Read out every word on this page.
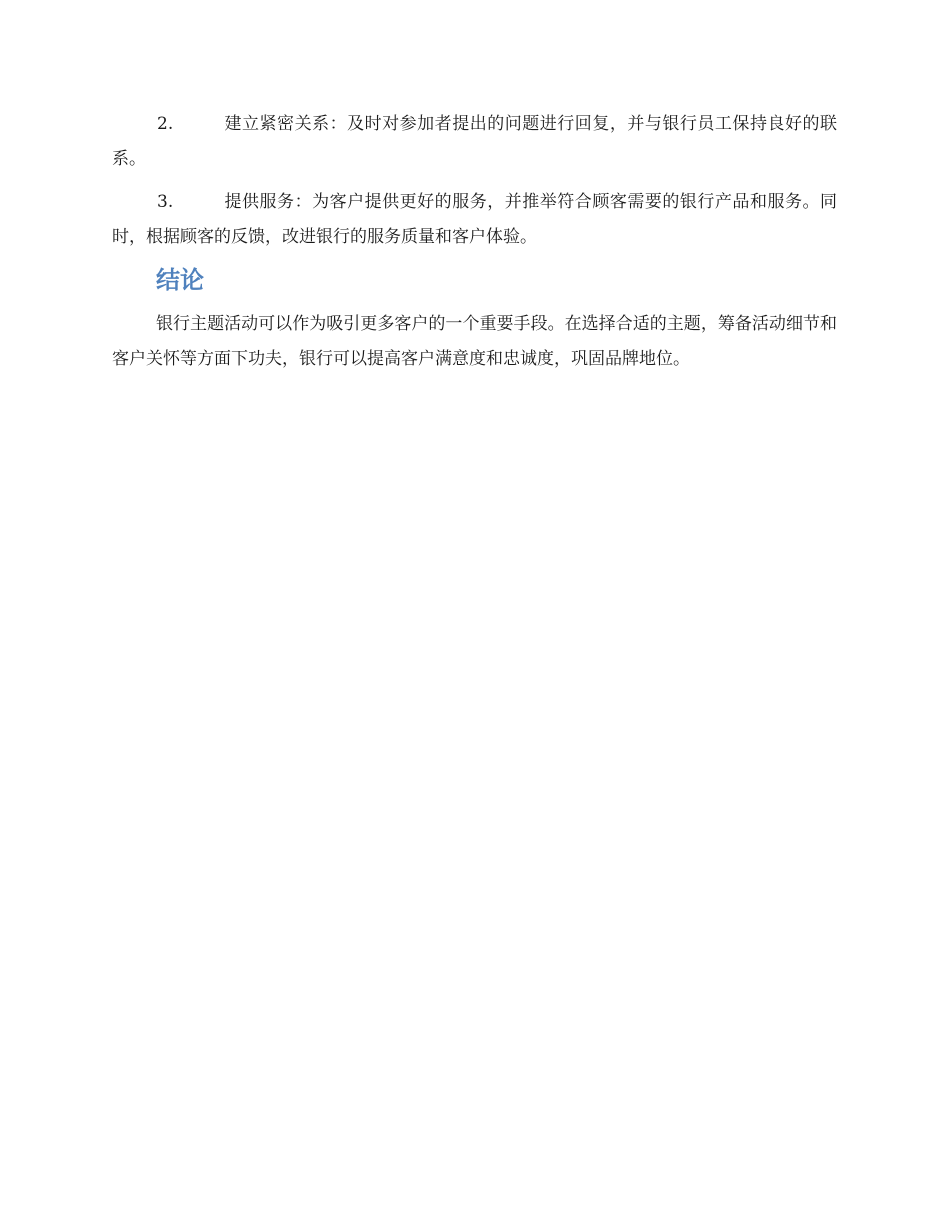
2.	建立紧密关系：及时对参加者提出的问题进行回复，并与银行员工保持良好的联系。
3.	提供服务：为客户提供更好的服务，并推举符合顾客需要的银行产品和服务。同时，根据顾客的反馈，改进银行的服务质量和客户体验。
结论

银行主题活动可以作为吸引更多客户的一个重要手段。在选择合适的主题，筹备活动细节和客户关怀等方面下功夫，银行可以提高客户满意度和忠诚度，巩固品牌地位。
